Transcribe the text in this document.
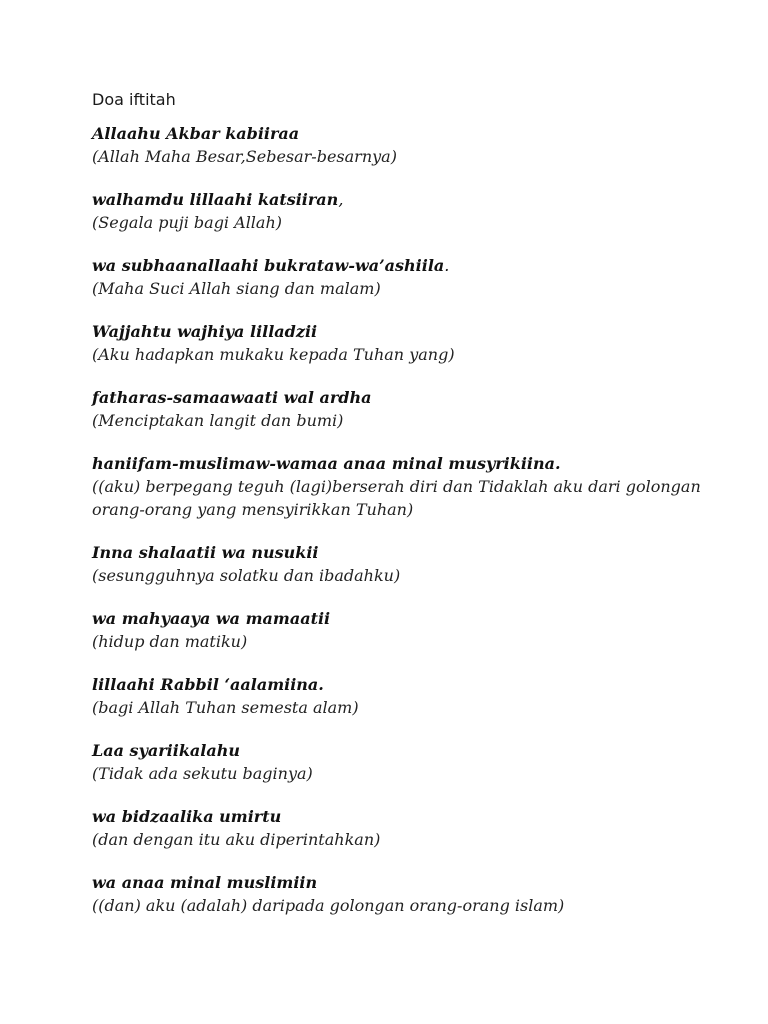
Doa iftitah

Allaahu Akbar kabiiraa

(Allah Maha Besar,Sebesar-besarnya)

walhamdu lillaahi katsiiran,

(Segala puji bagi Allah)

wa subhaanallaahi bukrataw-wa’ashiila.

(Maha Suci Allah siang dan malam)

Wajjahtu wajhiya lilladzii

(Aku hadapkan mukaku kepada Tuhan yang)

fatharas-samaawaati wal ardha

(Menciptakan langit dan bumi)

haniifam-muslimaw-wamaa anaa minal musyrikiina.

((aku) berpegang teguh (lagi)berserah diri dan Tidaklah aku dari golongan orang-orang yang mensyirikkan Tuhan)

Inna shalaatii wa nusukii

(sesungguhnya solatku dan ibadahku)

wa mahyaaya wa mamaatii

(hidup dan matiku)

lillaahi Rabbil ‘aalamiina.

(bagi Allah Tuhan semesta alam)

Laa syariikalahu

(Tidak ada sekutu baginya)

wa bidzaalika umirtu

(dan dengan itu aku diperintahkan)

wa anaa minal muslimiin

((dan) aku (adalah) daripada golongan orang-orang islam)
